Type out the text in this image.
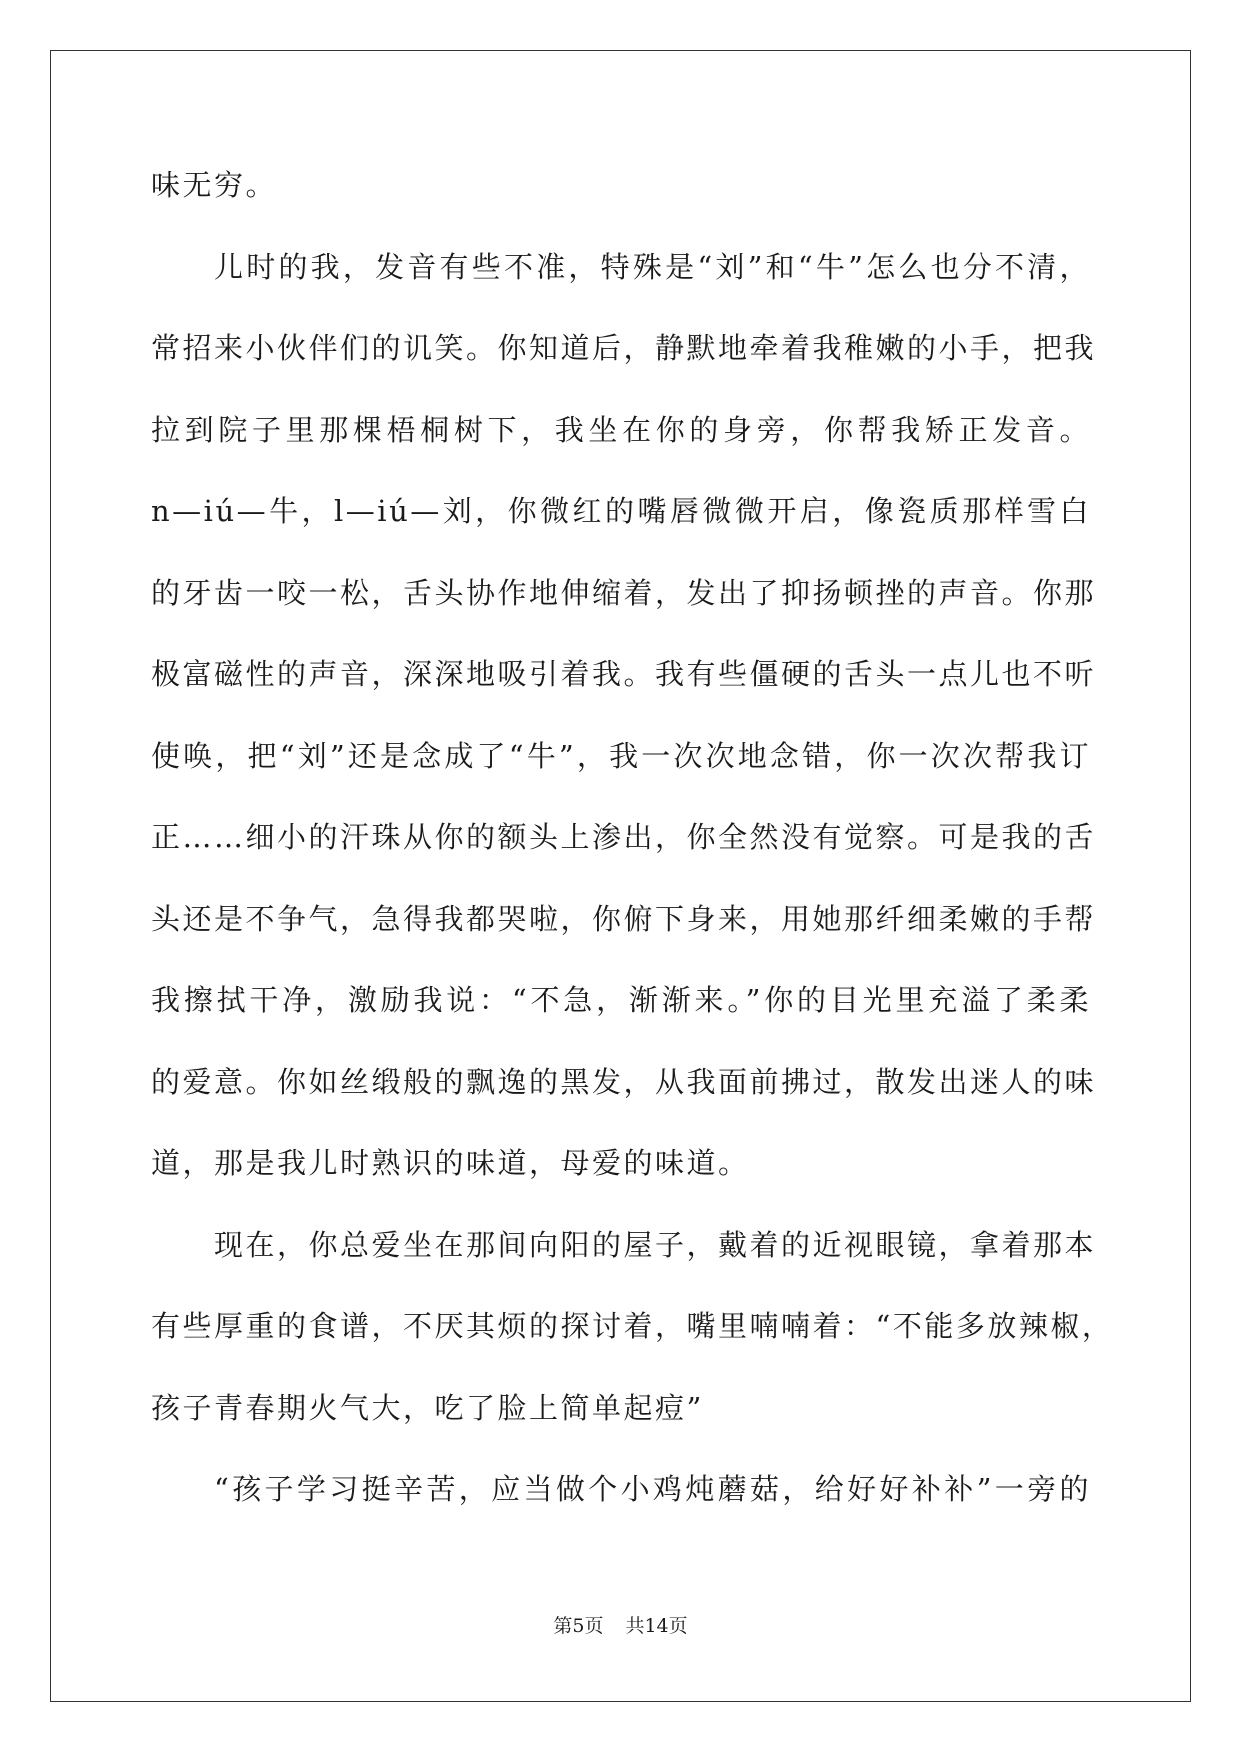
味无穷。
儿时的我，发音有些不准，特殊是“刘”和“牛”怎么也分不清，
常招来小伙伴们的讥笑。你知道后，静默地牵着我稚嫩的小手，把我
拉到院子里那棵梧桐树下，我坐在你的身旁，你帮我矫正发音。
n—iú—牛，l—iú—刘，你微红的嘴唇微微开启，像瓷质那样雪白
的牙齿一咬一松，舌头协作地伸缩着，发出了抑扬顿挫的声音。你那
极富磁性的声音，深深地吸引着我。我有些僵硬的舌头一点儿也不听
使唤，把“刘”还是念成了“牛”，我一次次地念错，你一次次帮我订
正……细小的汗珠从你的额头上渗出，你全然没有觉察。可是我的舌
头还是不争气，急得我都哭啦，你俯下身来，用她那纤细柔嫩的手帮
我擦拭干净，激励我说：“不急，渐渐来。”你的目光里充溢了柔柔
的爱意。你如丝缎般的飘逸的黑发，从我面前拂过，散发出迷人的味
道，那是我儿时熟识的味道，母爱的味道。
现在，你总爱坐在那间向阳的屋子，戴着的近视眼镜，拿着那本
有些厚重的食谱，不厌其烦的探讨着，嘴里喃喃着：“不能多放辣椒，
孩子青春期火气大，吃了脸上简单起痘”
“孩子学习挺辛苦，应当做个小鸡炖蘑菇，给好好补补”一旁的
第5页 共14页
